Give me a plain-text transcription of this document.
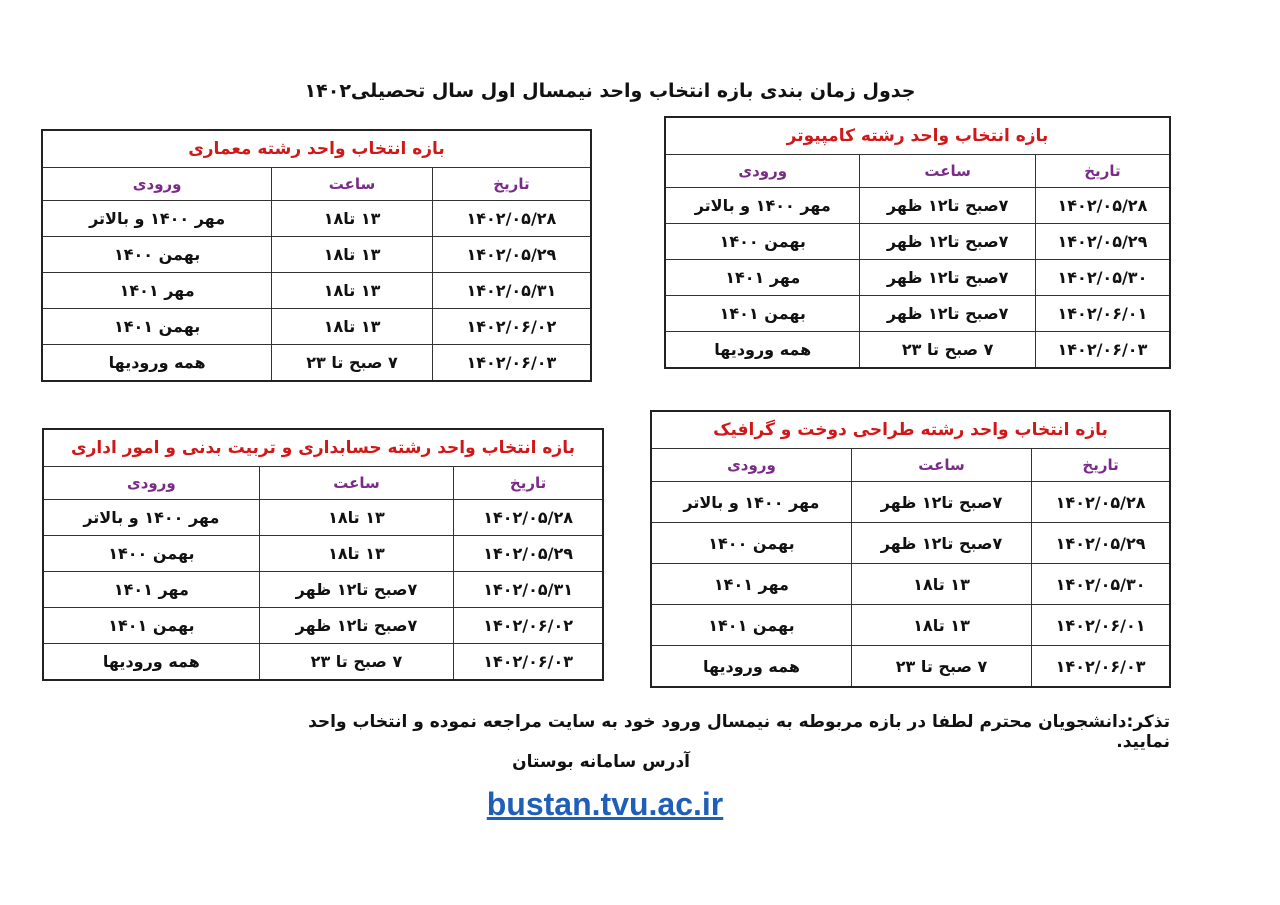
جدول زمان بندی بازه انتخاب واحد نیمسال اول سال تحصیلی۱۴۰۲
بازه انتخاب واحد رشته کامپیوتر		
تاریخ	ساعت	ورودی
۱۴۰۲/۰۵/۲۸	۷صبح تا۱۲ ظهر	مهر ۱۴۰۰ و بالاتر
۱۴۰۲/۰۵/۲۹	۷صبح تا۱۲ ظهر	بهمن ۱۴۰۰
۱۴۰۲/۰۵/۳۰	۷صبح تا۱۲ ظهر	مهر ۱۴۰۱
۱۴۰۲/۰۶/۰۱	۷صبح تا۱۲ ظهر	بهمن ۱۴۰۱
۱۴۰۲/۰۶/۰۳	۷ صبح تا ۲۳	همه ورودیها
بازه انتخاب واحد رشته معماری		
تاریخ	ساعت	ورودی
۱۴۰۲/۰۵/۲۸	۱۳ تا۱۸	مهر ۱۴۰۰ و بالاتر
۱۴۰۲/۰۵/۲۹	۱۳ تا۱۸	بهمن ۱۴۰۰
۱۴۰۲/۰۵/۳۱	۱۳ تا۱۸	مهر ۱۴۰۱
۱۴۰۲/۰۶/۰۲	۱۳ تا۱۸	بهمن ۱۴۰۱
۱۴۰۲/۰۶/۰۳	۷ صبح تا ۲۳	همه ورودیها
بازه انتخاب واحد رشته طراحی دوخت و گرافیک		
تاریخ	ساعت	ورودی
۱۴۰۲/۰۵/۲۸	۷صبح تا۱۲ ظهر	مهر ۱۴۰۰ و بالاتر
۱۴۰۲/۰۵/۲۹	۷صبح تا۱۲ ظهر	بهمن ۱۴۰۰
۱۴۰۲/۰۵/۳۰	۱۳ تا۱۸	مهر ۱۴۰۱
۱۴۰۲/۰۶/۰۱	۱۳ تا۱۸	بهمن ۱۴۰۱
۱۴۰۲/۰۶/۰۳	۷ صبح تا ۲۳	همه ورودیها
بازه انتخاب واحد رشته حسابداری و تربیت بدنی و امور اداری		
تاریخ	ساعت	ورودی
۱۴۰۲/۰۵/۲۸	۱۳ تا۱۸	مهر ۱۴۰۰ و بالاتر
۱۴۰۲/۰۵/۲۹	۱۳ تا۱۸	بهمن ۱۴۰۰
۱۴۰۲/۰۵/۳۱	۷صبح تا۱۲ ظهر	مهر ۱۴۰۱
۱۴۰۲/۰۶/۰۲	۷صبح تا۱۲ ظهر	بهمن ۱۴۰۱
۱۴۰۲/۰۶/۰۳	۷ صبح تا ۲۳	همه ورودیها
تذکر:دانشجویان محترم لطفا در بازه مربوطه به نیمسال ورود خود به سایت مراجعه نموده و انتخاب واحد نمایید.
آدرس سامانه بوستان
bustan.tvu.ac.ir
